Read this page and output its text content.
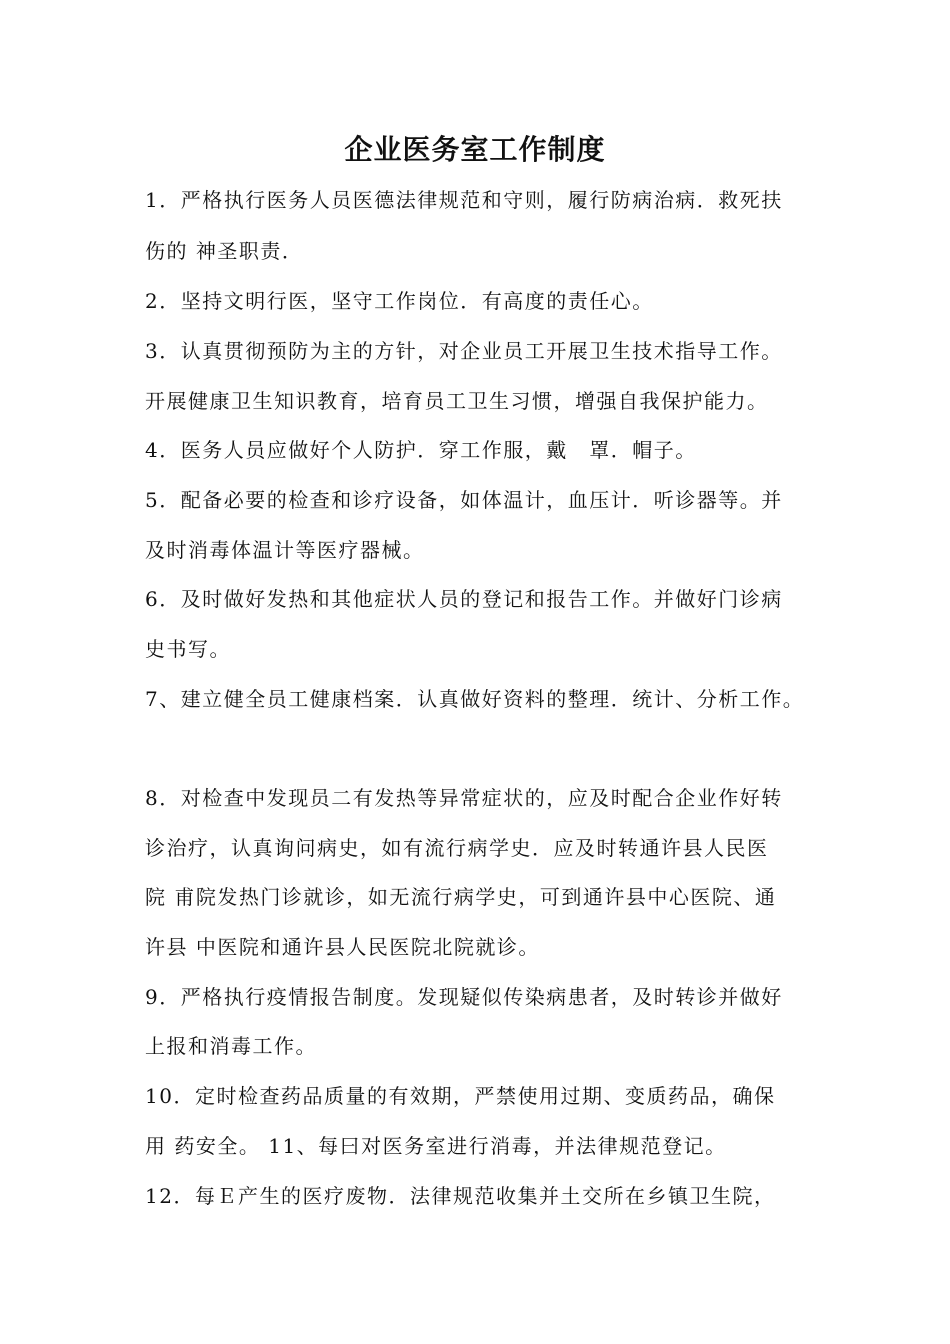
企业医务室工作制度
1．严格执行医务人员医德法律规范和守则，履行防病治病．救死扶
伤的 神圣职责．
2．坚持文明行医，坚守工作岗位．有高度的责任心。
3．认真贯彻预防为主的方针，对企业员工开展卫生技术指导工作。
开展健康卫生知识教育，培育员工卫生习惯，增强自我保护能力。
4．医务人员应做好个人防护．穿工作服，戴　罩．帽子。
5．配备必要的检查和诊疗设备，如体温计，血压计．听诊器等。并
及时消毒体温计等医疗器械。
6．及时做好发热和其他症状人员的登记和报告工作。并做好门诊病
史书写。
7、建立健全员工健康档案．认真做好资料的整理．统计、分析工作。
8．对检查中发现员二有发热等异常症状的，应及时配合企业作好转
诊治疗，认真询问病史，如有流行病学史．应及时转通许县人民医
院 甫院发热门诊就诊，如无流行病学史，可到通许县中心医院、通
许县 中医院和通许县人民医院北院就诊。
9．严格执行疫情报告制度。发现疑似传染病患者，及时转诊并做好
上报和消毒工作。
10．定时检查药品质量的有效期，严禁使用过期、变质药品，确保
用 药安全。 11、每曰对医务室进行消毒，并法律规范登记。
12．每Ｅ产生的医疗废物．法律规范收集并土交所在乡镇卫生院，
